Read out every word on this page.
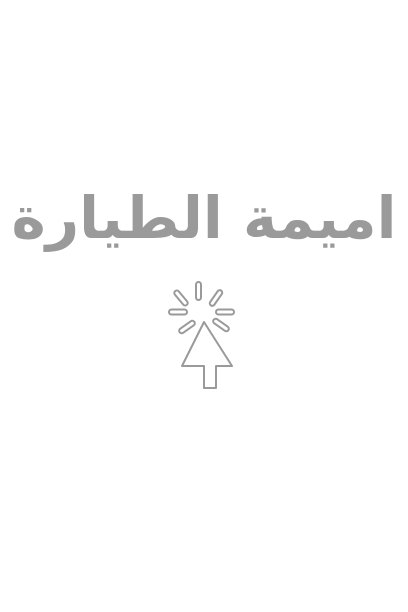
اميمة الطيارة
